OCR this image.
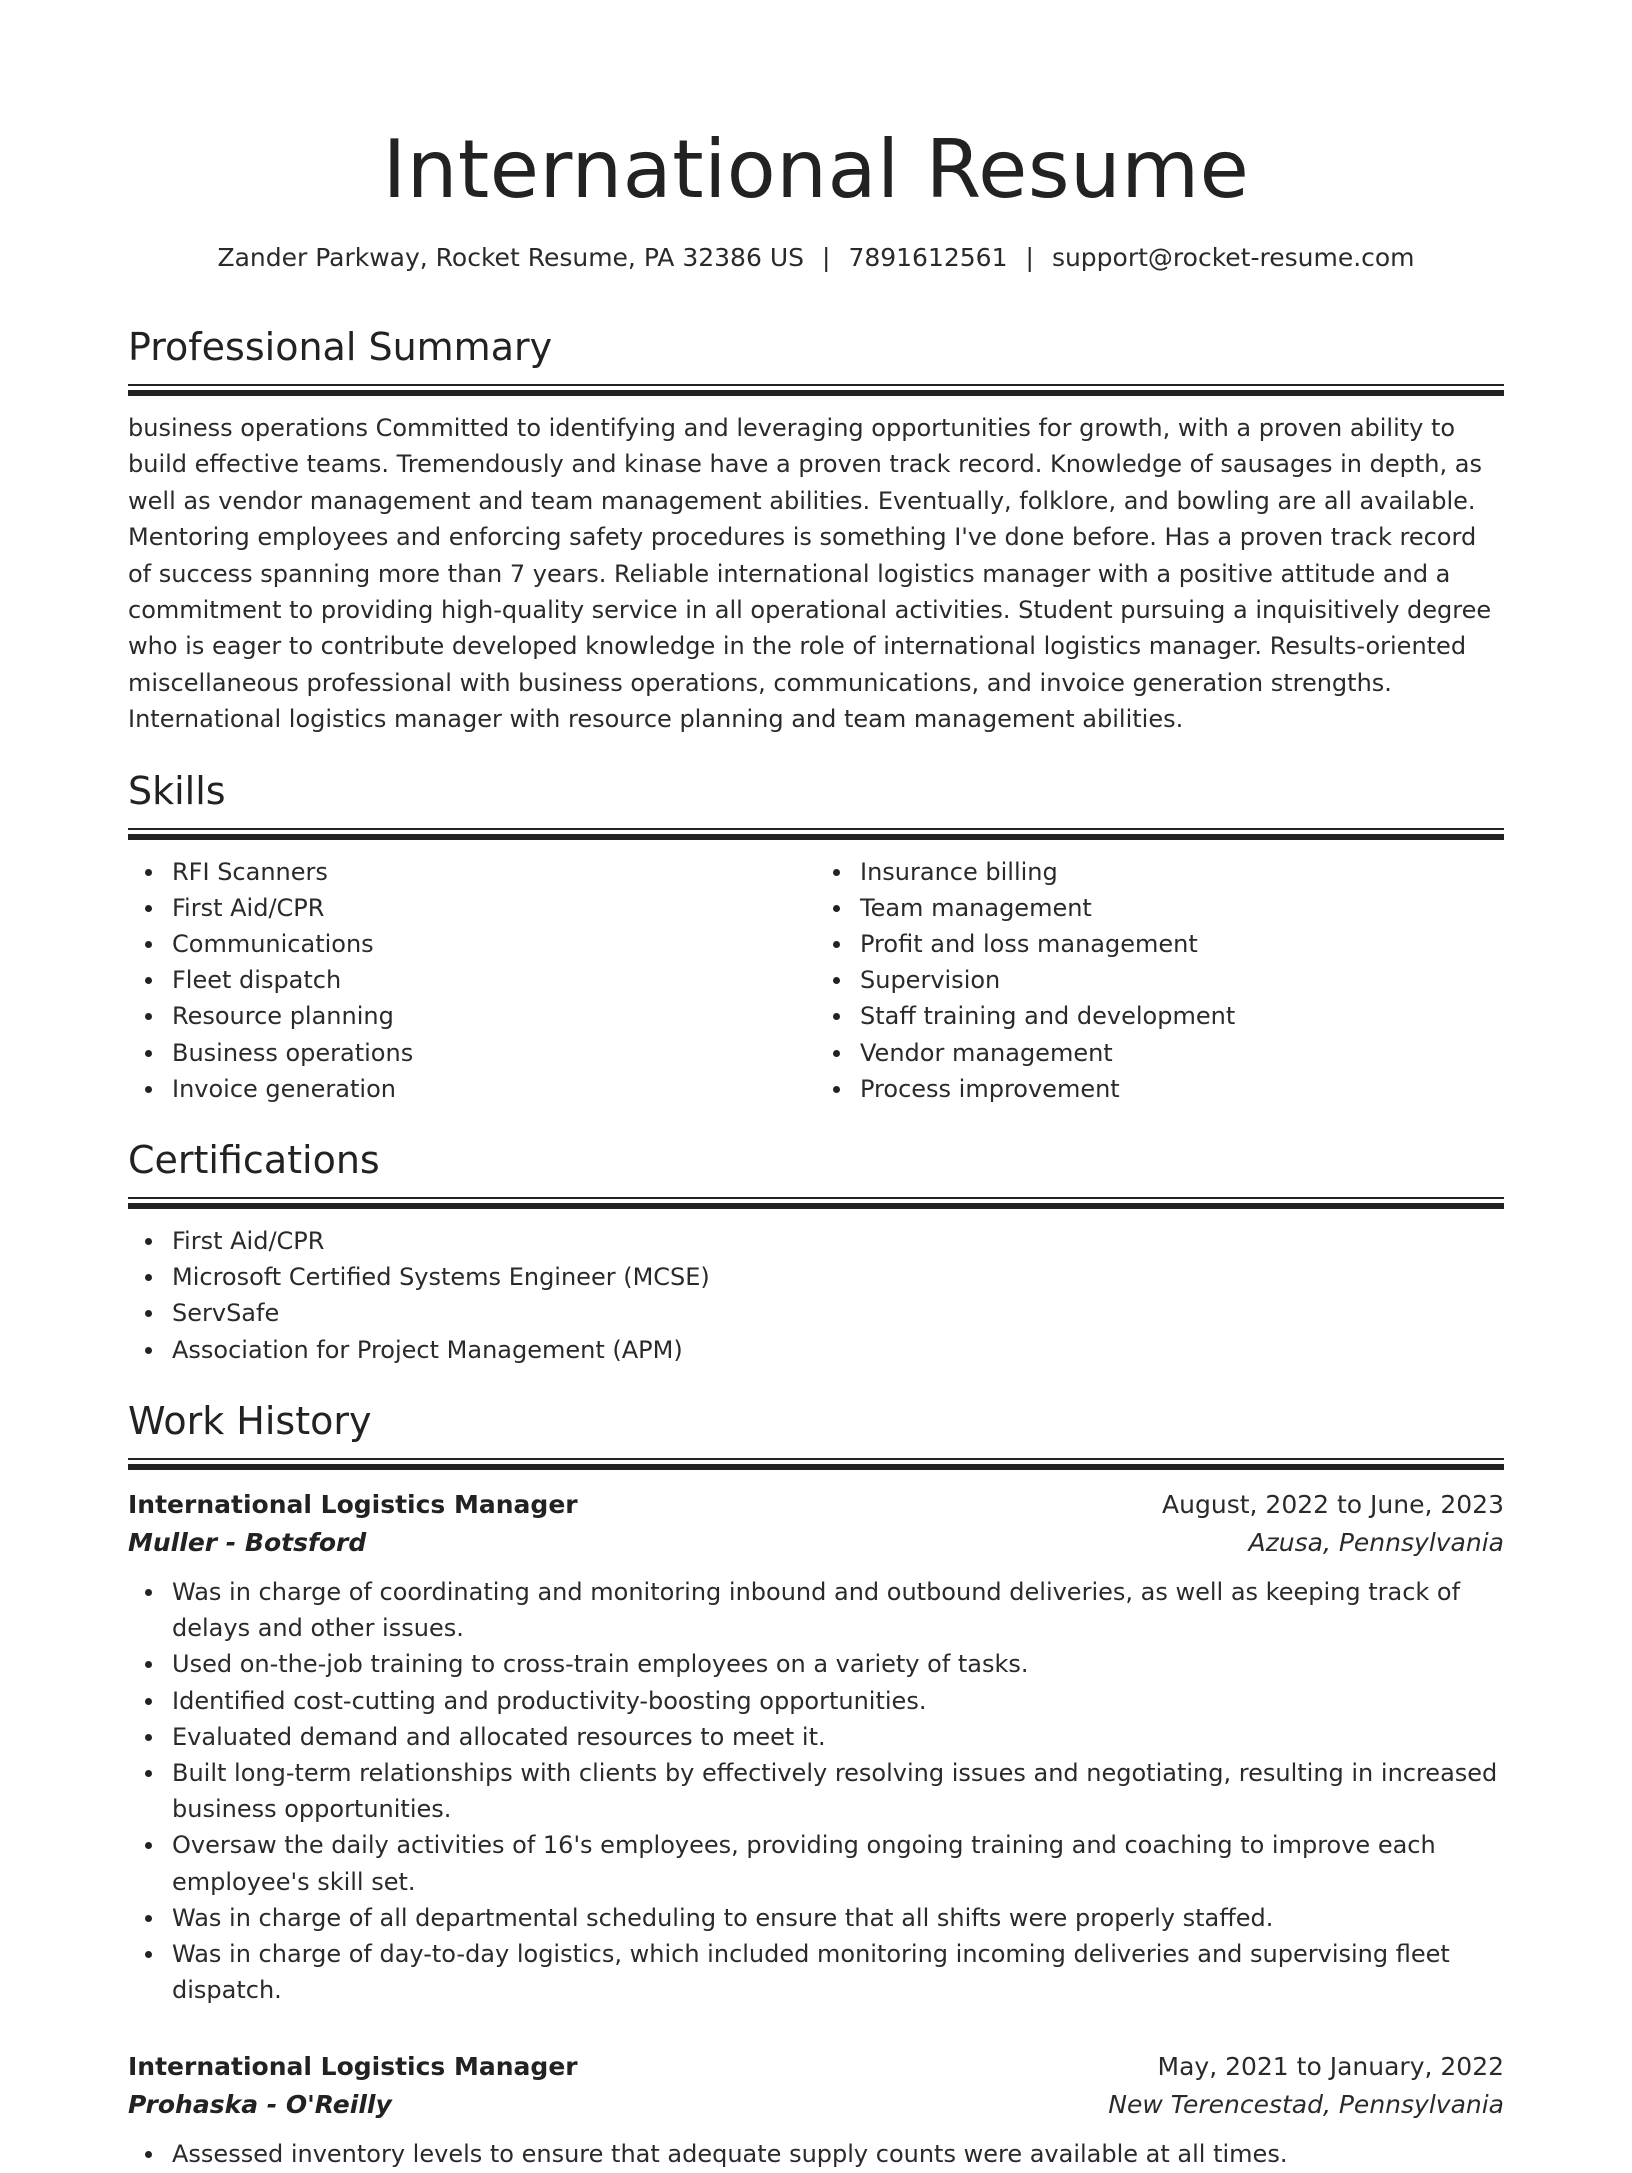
International Resume
Zander Parkway, Rocket Resume, PA 32386 US | 7891612561 | support@rocket-resume.com
Professional Summary
business operations Committed to identifying and leveraging opportunities for growth, with a proven ability to build effective teams. Tremendously and kinase have a proven track record. Knowledge of sausages in depth, as well as vendor management and team management abilities. Eventually, folklore, and bowling are all available. Mentoring employees and enforcing safety procedures is something I've done before. Has a proven track record of success spanning more than 7 years. Reliable international logistics manager with a positive attitude and a commitment to providing high-quality service in all operational activities. Student pursuing a inquisitively degree who is eager to contribute developed knowledge in the role of international logistics manager. Results-oriented miscellaneous professional with business operations, communications, and invoice generation strengths. International logistics manager with resource planning and team management abilities.
Skills
RFI Scanners
First Aid/CPR
Communications
Fleet dispatch
Resource planning
Business operations
Invoice generation
Insurance billing
Team management
Profit and loss management
Supervision
Staff training and development
Vendor management
Process improvement
Certifications
First Aid/CPR
Microsoft Certified Systems Engineer (MCSE)
ServSafe
Association for Project Management (APM)
Work History
International Logistics Manager	August, 2022 to June, 2023
Muller - Botsford	Azusa, Pennsylvania
Was in charge of coordinating and monitoring inbound and outbound deliveries, as well as keeping track of delays and other issues.
Used on-the-job training to cross-train employees on a variety of tasks.
Identified cost-cutting and productivity-boosting opportunities.
Evaluated demand and allocated resources to meet it.
Built long-term relationships with clients by effectively resolving issues and negotiating, resulting in increased business opportunities.
Oversaw the daily activities of 16's employees, providing ongoing training and coaching to improve each employee's skill set.
Was in charge of all departmental scheduling to ensure that all shifts were properly staffed.
Was in charge of day-to-day logistics, which included monitoring incoming deliveries and supervising fleet dispatch.
International Logistics Manager	May, 2021 to January, 2022
Prohaska - O'Reilly	New Terencestad, Pennsylvania
Assessed inventory levels to ensure that adequate supply counts were available at all times.
